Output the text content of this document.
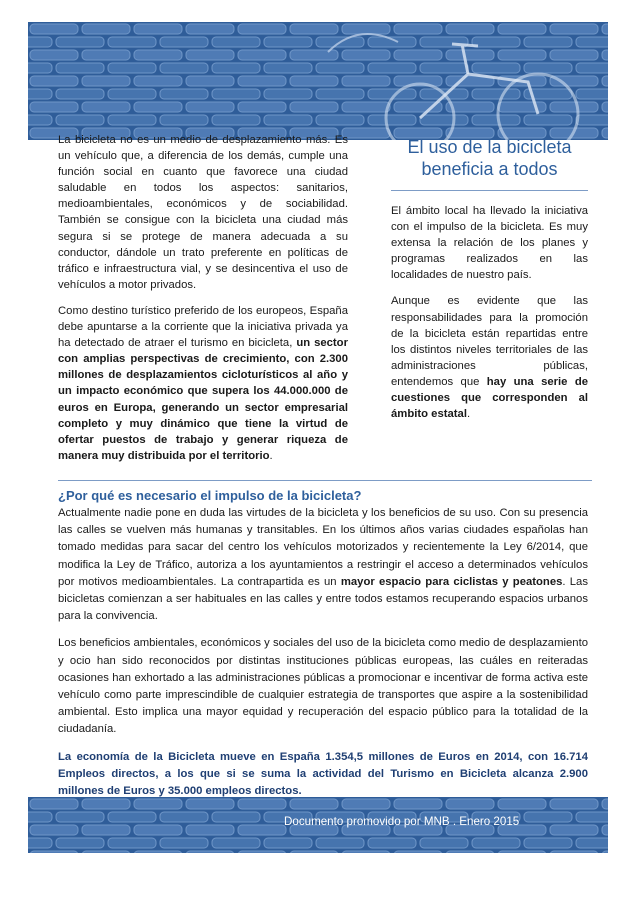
La bicicleta no es un medio de desplazamiento más. Es un vehículo que, a diferencia de los demás, cumple una función social en cuanto que favorece una ciudad saludable en todos los aspectos: sanitarios, medioambientales, económicos y de sociabilidad. También se consigue con la bicicleta una ciudad más segura si se protege de manera adecuada a su conductor, dándole un trato preferente en políticas de tráfico e infraestructura vial, y se desincentiva el uso de vehículos a motor privados.

Como destino turístico preferido de los europeos, España debe apuntarse a la corriente que la iniciativa privada ya ha detectado de atraer el turismo en bicicleta, un sector con amplias perspectivas de crecimiento, con 2.300 millones de desplazamientos cicloturísticos al año y un impacto económico que supera los 44.000.000 de euros en Europa, generando un sector empresarial completo y muy dinámico que tiene la virtud de ofertar puestos de trabajo y generar riqueza de manera muy distribuida por el territorio.

El uso de la bicicleta beneficia a todos

El ámbito local ha llevado la iniciativa con el impulso de la bicicleta. Es muy extensa la relación de los planes y programas realizados en las localidades de nuestro país.

Aunque es evidente que las responsabilidades para la promoción de la bicicleta están repartidas entre los distintos niveles territoriales de las administraciones públicas, entendemos que hay una serie de cuestiones que corresponden al ámbito estatal.

¿Por qué es necesario el impulso de la bicicleta?

Actualmente nadie pone en duda las virtudes de la bicicleta y los beneficios de su uso. Con su presencia las calles se vuelven más humanas y transitables. En los últimos años varias ciudades españolas han tomado medidas para sacar del centro los vehículos motorizados y recientemente la Ley 6/2014, que modifica la Ley de Tráfico, autoriza a los ayuntamientos a restringir el acceso a determinados vehículos por motivos medioambientales. La contrapartida es un mayor espacio para ciclistas y peatones. Las bicicletas comienzan a ser habituales en las calles y entre todos estamos recuperando espacios urbanos para la convivencia.

Los beneficios ambientales, económicos y sociales del uso de la bicicleta como medio de desplazamiento y ocio han sido reconocidos por distintas instituciones públicas europeas, las cuáles en reiteradas ocasiones han exhortado a las administraciones públicas a promocionar e incentivar de forma activa este vehículo como parte imprescindible de cualquier estrategia de transportes que aspire a la sostenibilidad ambiental. Esto implica una mayor equidad y recuperación del espacio público para la totalidad de la ciudadanía.

La economía de la Bicicleta mueve en España 1.354,5 millones de Euros en 2014, con 16.714 Empleos directos, a los que si se suma la actividad del Turismo en Bicicleta alcanza 2.900 millones de Euros y 35.000 empleos directos.

Documento promovido por MNB . Enero 2015
